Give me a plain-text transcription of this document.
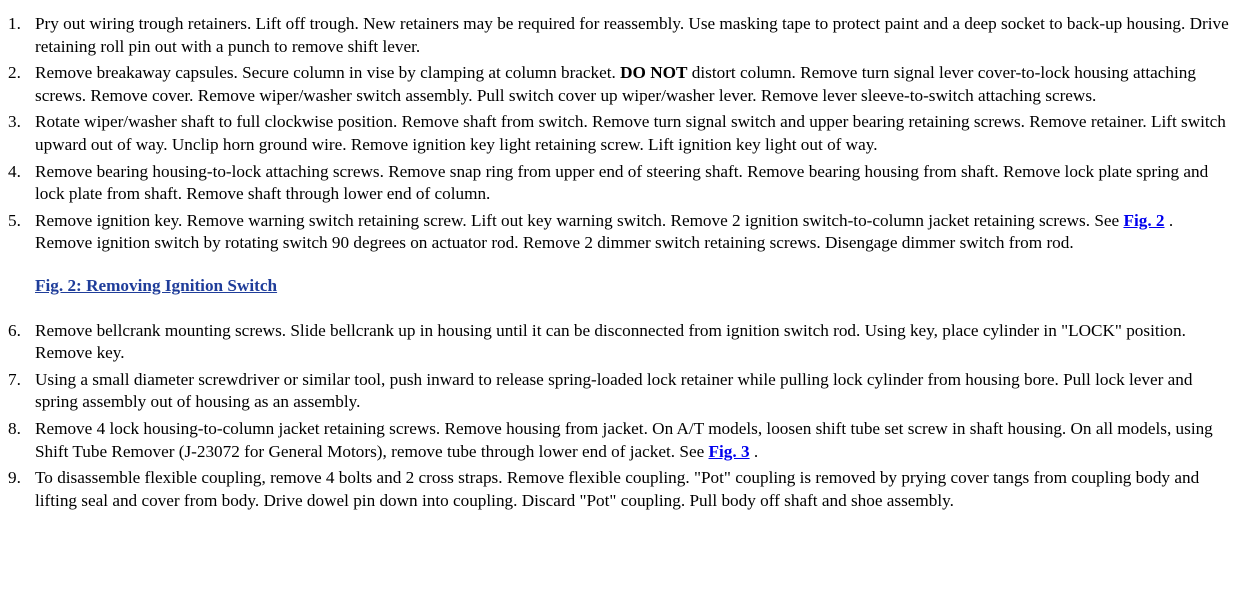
1. Pry out wiring trough retainers. Lift off trough. New retainers may be required for reassembly. Use masking tape to protect paint and a deep socket to back-up housing. Drive retaining roll pin out with a punch to remove shift lever.
2. Remove breakaway capsules. Secure column in vise by clamping at column bracket. DO NOT distort column. Remove turn signal lever cover-to-lock housing attaching screws. Remove cover. Remove wiper/washer switch assembly. Pull switch cover up wiper/washer lever. Remove lever sleeve-to-switch attaching screws.
3. Rotate wiper/washer shaft to full clockwise position. Remove shaft from switch. Remove turn signal switch and upper bearing retaining screws. Remove retainer. Lift switch upward out of way. Unclip horn ground wire. Remove ignition key light retaining screw. Lift ignition key light out of way.
4. Remove bearing housing-to-lock attaching screws. Remove snap ring from upper end of steering shaft. Remove bearing housing from shaft. Remove lock plate spring and lock plate from shaft. Remove shaft through lower end of column.
5. Remove ignition key. Remove warning switch retaining screw. Lift out key warning switch. Remove 2 ignition switch-to-column jacket retaining screws. See Fig. 2 . Remove ignition switch by rotating switch 90 degrees on actuator rod. Remove 2 dimmer switch retaining screws. Disengage dimmer switch from rod.
Fig. 2: Removing Ignition Switch
6. Remove bellcrank mounting screws. Slide bellcrank up in housing until it can be disconnected from ignition switch rod. Using key, place cylinder in "LOCK" position. Remove key.
7. Using a small diameter screwdriver or similar tool, push inward to release spring-loaded lock retainer while pulling lock cylinder from housing bore. Pull lock lever and spring assembly out of housing as an assembly.
8. Remove 4 lock housing-to-column jacket retaining screws. Remove housing from jacket. On A/T models, loosen shift tube set screw in shaft housing. On all models, using Shift Tube Remover (J-23072 for General Motors), remove tube through lower end of jacket. See Fig. 3 .
9. To disassemble flexible coupling, remove 4 bolts and 2 cross straps. Remove flexible coupling. "Pot" coupling is removed by prying cover tangs from coupling body and lifting seal and cover from body. Drive dowel pin down into coupling. Discard "Pot" coupling. Pull body off shaft and shoe assembly.
